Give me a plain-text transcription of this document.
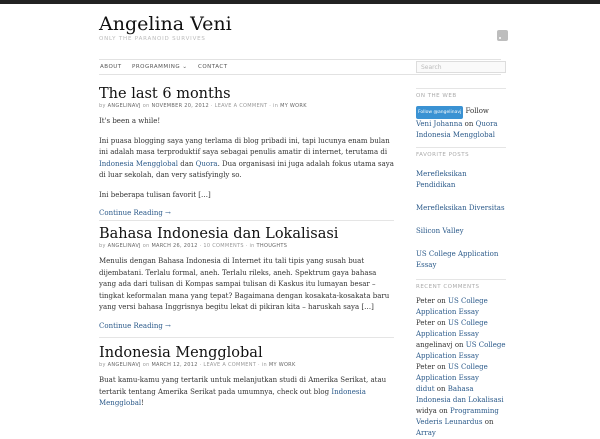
Angelina Veni
ONLY THE PARANOID SURVIVES
ABOUT PROGRAMMING ⌄ CONTACT	Search
The last 6 months
by ANGELINAVJ on NOVEMBER 20, 2012 · LEAVE A COMMENT · in MY WORK

It's been a while!

Ini puasa blogging saya yang terlama di blog pribadi ini, tapi lucunya enam bulan ini adalah masa terproduktif saya sebagai penulis amatir di internet, terutama di Indonesia Mengglobal dan Quora. Dua organisasi ini juga adalah fokus utama saya di luar sekolah, dan very satisfyingly so.

Ini beberapa tulisan favorit […]

Continue Reading →
Bahasa Indonesia dan Lokalisasi
by ANGELINAVJ on MARCH 26, 2012 · 10 COMMENTS · in THOUGHTS

Menulis dengan Bahasa Indonesia di Internet itu tali tipis yang susah buat dijembatani. Terlalu formal, aneh. Terlalu rileks, aneh. Spektrum gaya bahasa yang ada dari tulisan di Kompas sampai tulisan di Kaskus itu lumayan besar – tingkat keformalan mana yang tepat? Bagaimana dengan kosakata-kosakata baru yang versi bahasa Inggrisnya begitu lekat di pikiran kita – haruskah saya […]

Continue Reading →
Indonesia Mengglobal
by ANGELINAVJ on MARCH 12, 2012 · LEAVE A COMMENT · in MY WORK

Buat kamu-kamu yang tertarik untuk melanjutkan studi di Amerika Serikat, atau tertarik tentang Amerika Serikat pada umumnya, check out blog Indonesia Mengglobal!

ON THE WEB
Follow @angelinavj Follow
Veni Johanna on Quora
Indonesia Mengglobal
FAVORITE POSTS
Merefleksikan Pendidikan
Merefleksikan Diversitas
Silicon Valley
US College Application Essay
RECENT COMMENTS
Peter on US College Application Essay
Peter on US College Application Essay
angelinavj on US College Application Essay
Peter on US College Application Essay
didut on Bahasa Indonesia dan Lokalisasi
widya on Programming
Vederis Leunardus on Array
